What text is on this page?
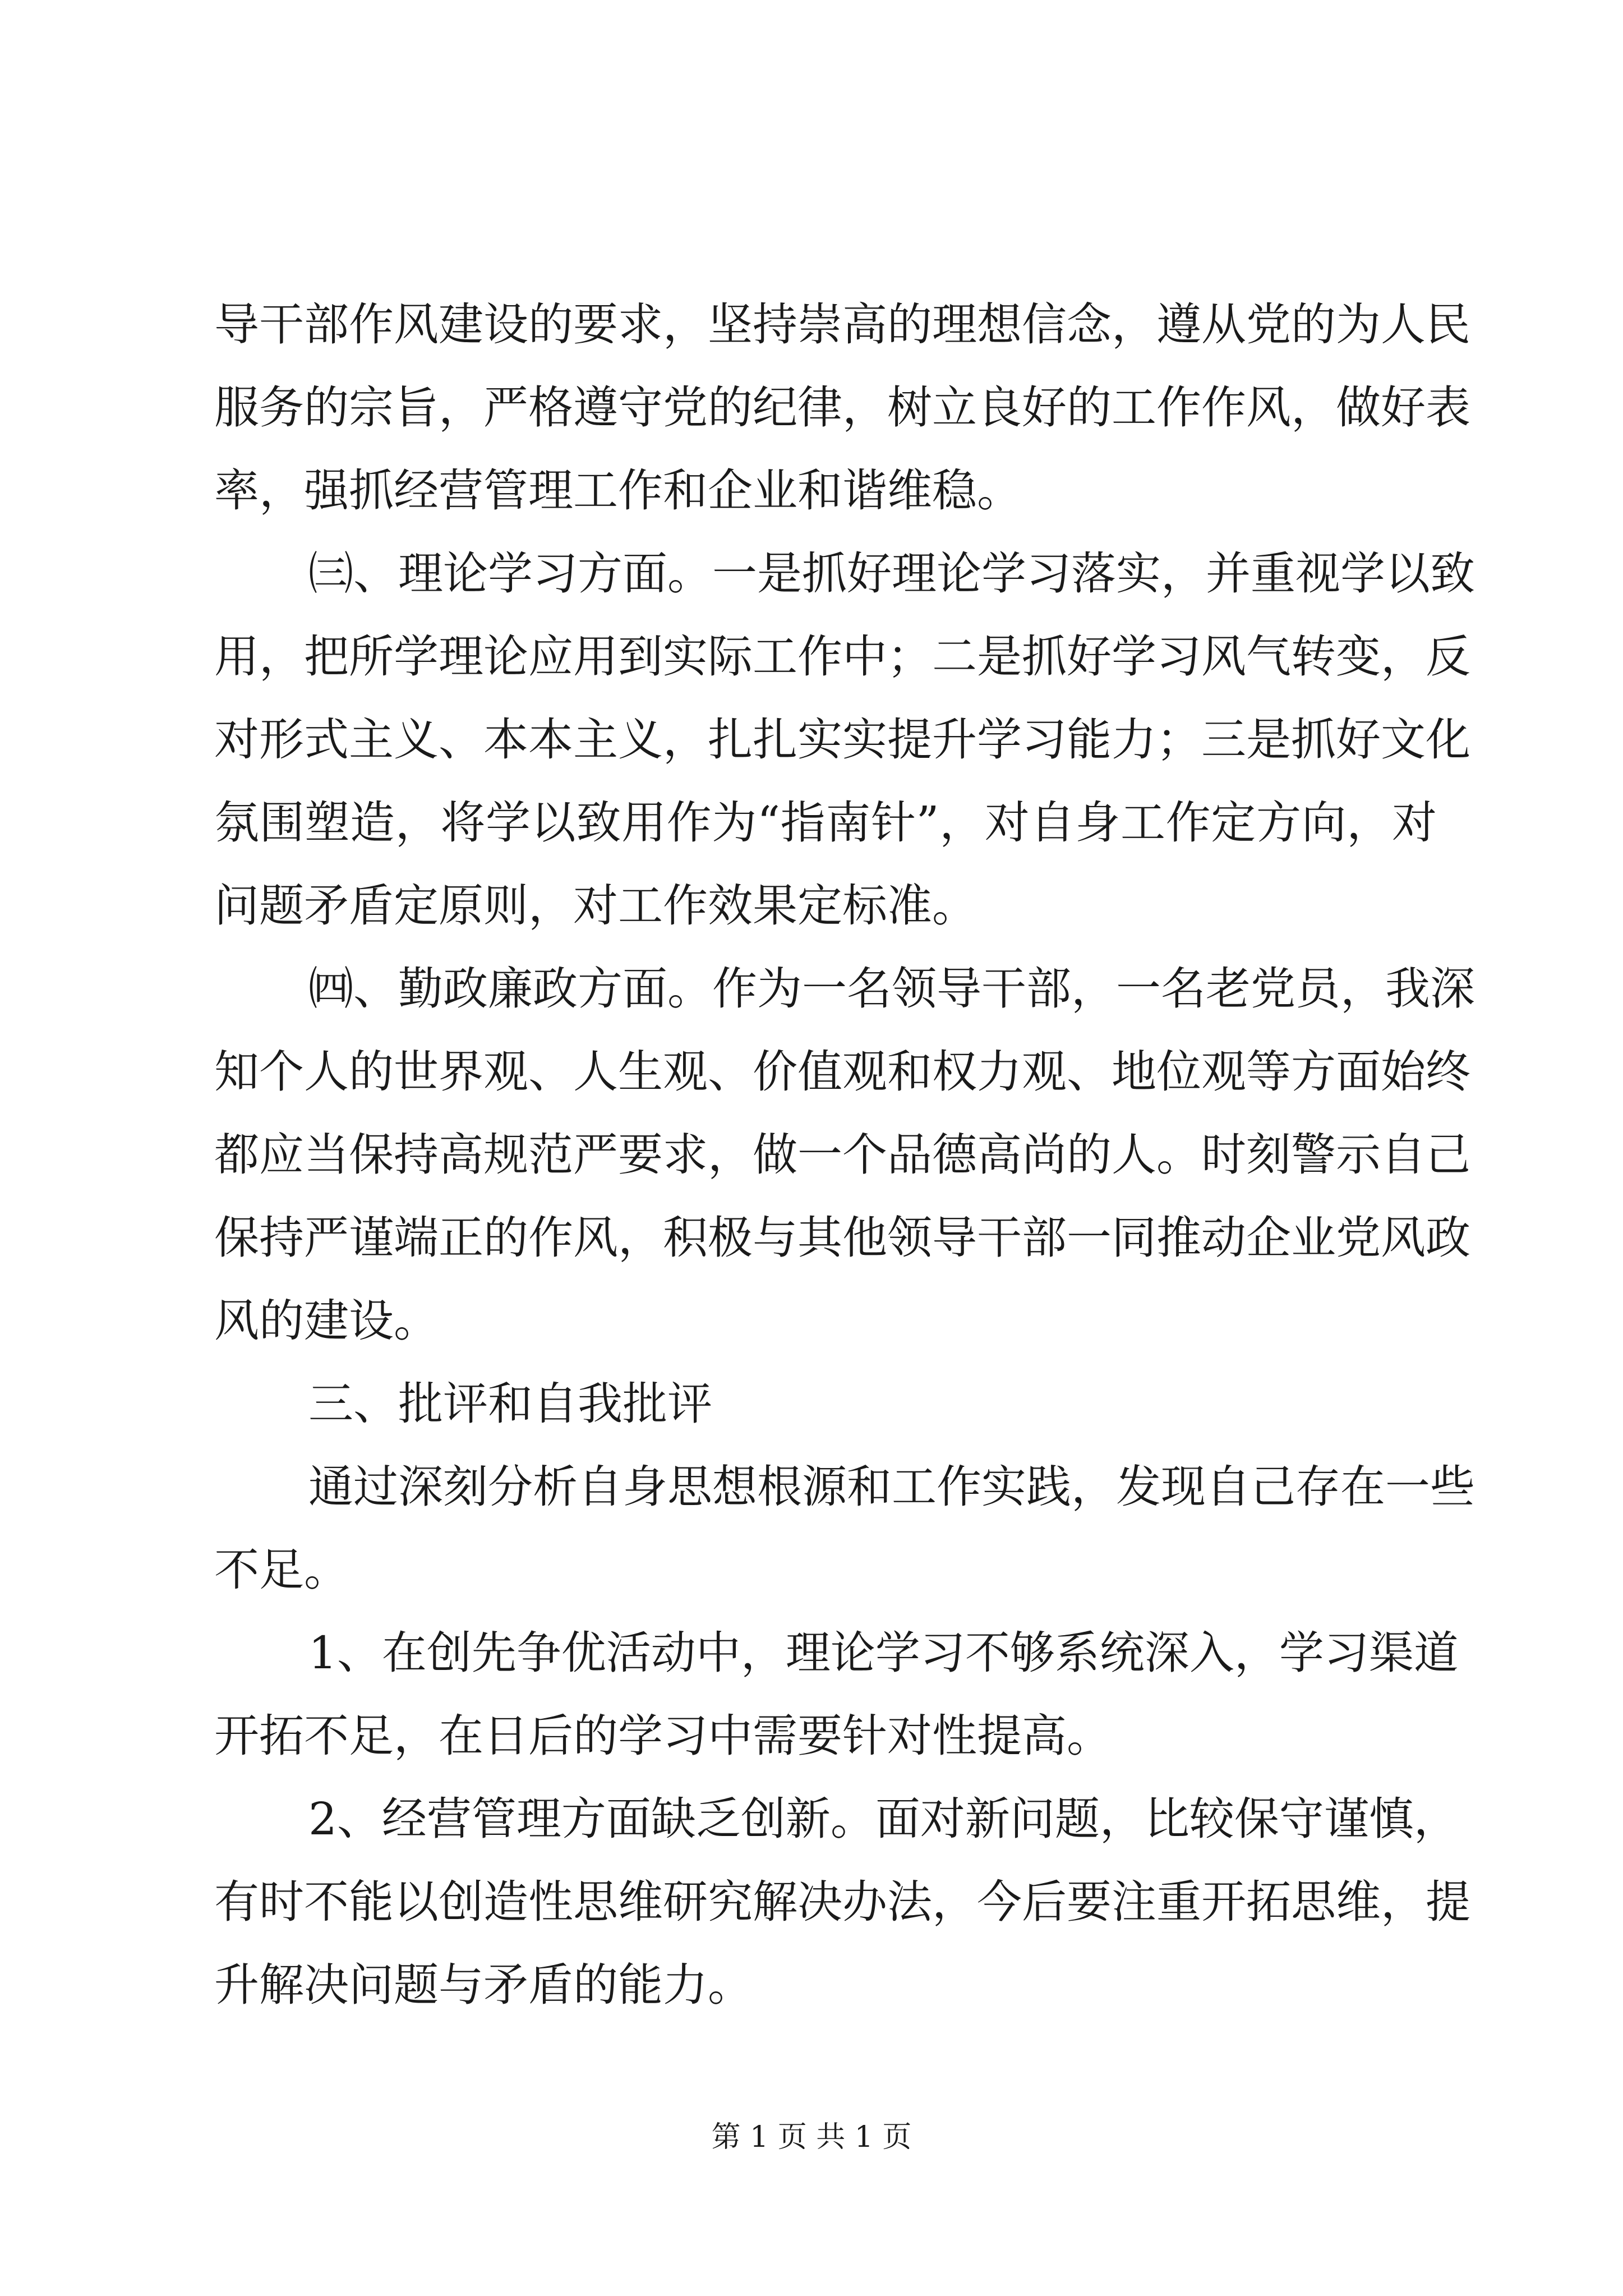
导干部作风建设的要求，坚持崇高的理想信念，遵从党的为人民
服务的宗旨，严格遵守党的纪律，树立良好的工作作风，做好表
率，强抓经营管理工作和企业和谐维稳。
㈢、理论学习方面。一是抓好理论学习落实，并重视学以致
用，把所学理论应用到实际工作中；二是抓好学习风气转变，反
对形式主义、本本主义，扎扎实实提升学习能力；三是抓好文化
氛围塑造，将学以致用作为“指南针”，对自身工作定方向，对
问题矛盾定原则，对工作效果定标准。
㈣、勤政廉政方面。作为一名领导干部，一名老党员，我深
知个人的世界观、人生观、价值观和权力观、地位观等方面始终
都应当保持高规范严要求，做一个品德高尚的人。时刻警示自己
保持严谨端正的作风，积极与其他领导干部一同推动企业党风政
风的建设。
三、批评和自我批评
通过深刻分析自身思想根源和工作实践，发现自己存在一些
不足。
1、在创先争优活动中，理论学习不够系统深入，学习渠道
开拓不足，在日后的学习中需要针对性提高。
2、经营管理方面缺乏创新。面对新问题，比较保守谨慎，
有时不能以创造性思维研究解决办法，今后要注重开拓思维，提
升解决问题与矛盾的能力。
第 1 页 共 1 页
